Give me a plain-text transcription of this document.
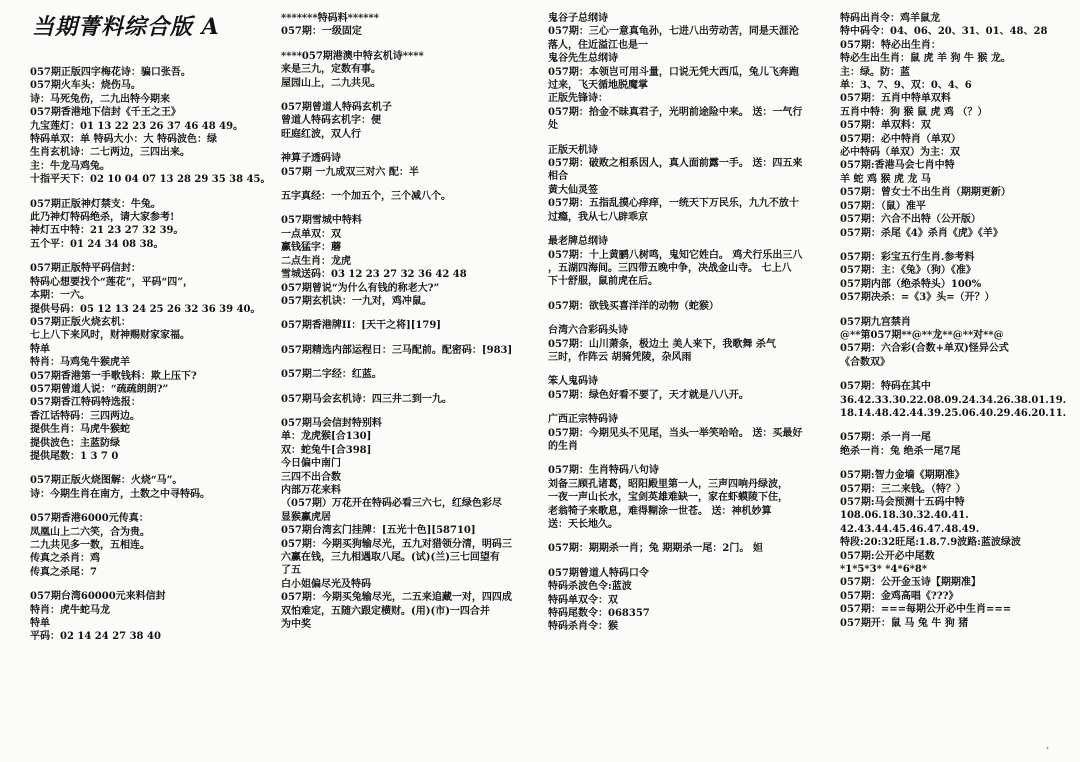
当期菁料综合版 A
057期正版四字梅花诗：骗口张吾。
057期火车头：烧伤马。
诗：马死兔伤，二九出特今期来
057期香港地下信封《千王之王》
九宝莲灯：01 13 22 23 26 37 46 48 49。
特码单双：单 特码大小：大 特码波色：绿
生肖玄机诗：二七两边，三四出来。
主：牛龙马鸡兔。
十指平天下：02 10 04 07 13 28 29 35 38 45。
057期正版神灯禁支：牛兔。
此乃神灯特码绝杀，请大家参考!
神灯五中特：21 23 27 32 39。
五个平：01 24 34 08 38。
057期正版特平码信封：
特码心想要找个“莲花”，平码“四”，
本期：一六。
提供号码：05 12 13 24 25 26 32 36 39 40。
057期正版火烧玄机：
七上八下来风时，财神赐财家家福。
特单
特肖：马鸡兔牛猴虎羊
057期香港第一手歌钱料：欺上压下?
057期曾道人说：“疏疏朗朗?”
057期香江特码特选报：
香江话特码：三四两边。
提供生肖：马虎牛猴蛇
提供波色：主蓝防绿
提供尾数：1 3 7 0
057期正版火烧图解：火烧“马”。
诗：今期生肖在南方，土数之中寻特码。
057期香港6000元传真：
凤凰山上二六笑，合为贵。
二九共见多一数，五相连。
传真之杀肖：鸡
传真之杀尾：7
057期台湾60000元来料信封
特肖：虎牛蛇马龙
特单
平码：02 14 24 27 38 40
*******特码料******
057期：一级固定
****057期港澳中特玄机诗****
来是三九，定数有事。
屋园山上，二九共见。
057期曾道人特码玄机子
曾道人特码玄机字：便
旺庭红波，双人行
神算子透码诗
057期 一九成双三对六 配：半
五字真经：一个加五个，三个减八个。
057期雪城中特料
一点单双：双
赢钱猛字：蘑
二点生肖：龙虎
雪城送码：03 12 23 27 32 36 42 48
057期曾说“为什么有钱的称老大?”
057期玄机诀：一九对，鸡冲鼠。
057期香港牌II：[天干之将][179]
057期精选内部运程日：三马配前。配密码：[983]
057期二字经：红蓝。
057期马会玄机诗：四三井二到一九。
057期马会信封特别料
单：龙虎猴[合130]
双：蛇兔牛[合398]
今日偏中南门
三四不出合数
内部万花来料
（057期）万花开在特码必看三六七，红绿色彩尽
显猴赢虎居
057期台湾玄门挂牌：[五光十色][58710]
057期：今期买狗输尽光，五九对猎领分清，明码三
六赢在钱，三九相遇取八尾。(试)(兰)三七回望有
了五
白小姐偏尽光及特码
057期：今期买兔输尽光，二五来追藏一对，四四成
双怕难定，五随六跟定横财。(用)(市)一四合并
为中奖
鬼谷子总纲诗
057期：三心一意真龟孙，七进八出劳动苦，同是天涯沦
落人，住近溢江也是一
鬼谷先生总纲诗
057期：本领岂可用斗量，口说无凭大西瓜，兔儿飞奔跑
过来，飞天循地脱魔掌
正版先锋诗：
057期：拾金不昧真君子，光明前途险中来。 送：一气行
处
正版天机诗
057期：破败之相系因人，真人面前露一手。 送：四五来
相合
黄大仙灵签
057期：五指乱摸心痒痒，一统天下万民乐，九九不放十
过瘾，我从七八辟乖京
最老牌总纲诗
057期：十上黄鹂八树鸣，鬼知它姓白。 鸡犬行乐出三八
，五湖四海间。三四带五晚中争，决战金山寺。 七上八
下十舒服，鼠前虎在后。
057期：欲钱买喜洋洋的动物（蛇猴）
台湾六合彩码头诗
057期：山川萧条，极边土 美人来下，我歌舞 杀气
三时，作阵云 胡骑凭陵，杂风雨
笨人鬼码诗
057期：绿色好看不要了，天才就是八八开。
广西正宗特码诗
057期：今期见头不见尾，当头一举笑哈哈。 送：买最好
的生肖
057期：生肖特码八句诗
刘备三顾孔诸葛，昭阳殿里第一人，三声四响丹绿波，
一夜一声山长水，宝剑英雄难缺一，家在虾蟆陵下住，
老翁犄子来歌息，难得糊涂一世苍。 送：神机妙算
送：天长地久。
057期：期期杀一肖；兔 期期杀一尾：2门。 妲
057期曾道人特码口令
特码杀波色令:蓝波
特码单双令：双
特码尾数令：068357
特码杀肖令：猴
特码出肖令：鸡羊鼠龙
特中码令：04、06、20、31、01、48、28
057期：特必出生肖：
特必生出生肖：鼠 虎 羊 狗 牛 猴 龙。
主：绿。防：蓝
单：3、7、9、双：0、4、6
057期：五肖中特单双料
五肖中特：狗 猴 鼠 虎 鸡 （？）
057期：单双料：双
057期：必中特肖（单双）
必中特码（单双）为主：双
057期:香港马会七肖中特
羊 蛇 鸡 猴 虎 龙 马
057期：曾女士不出生肖（期期更新）
057期：（鼠）准平
057期：六合不出特（公开版）
057期：杀尾《4》杀肖《虎》《羊》
057期：彩宝五行生肖.参考料
057期：主：《兔》（狗）《准》
057期内部（绝杀特头）100%
057期决杀：=《3》头=（开？）
057期九宫禁肖
@**第057期**@**龙**@**对**@
057期：六合彩(合数+单双)怪异公式
《合数双》
057期：特码在其中
36.42.33.30.22.08.09.24.34.26.38.01.19.
18.14.48.42.44.39.25.06.40.29.46.20.11.
057期：杀一肖一尾
绝杀一肖：兔 绝杀一尾7尾
057期:智力金墙《期期准》
057期：三二来钱。（特？）
057期:马会预测十五码中特
108.06.18.30.32.40.41.
42.43.44.45.46.47.48.49.
特段:20:32旺尾:1.8.7.9波路:蓝波绿波
057期:公开必中尾数
*1*5*3* *4*6*8*
057期：公开金玉诗【期期准】
057期：金鸡高唱《???》
057期：===每期公开必中生肖===
057期开：鼠 马 兔 牛 狗 猪
、
